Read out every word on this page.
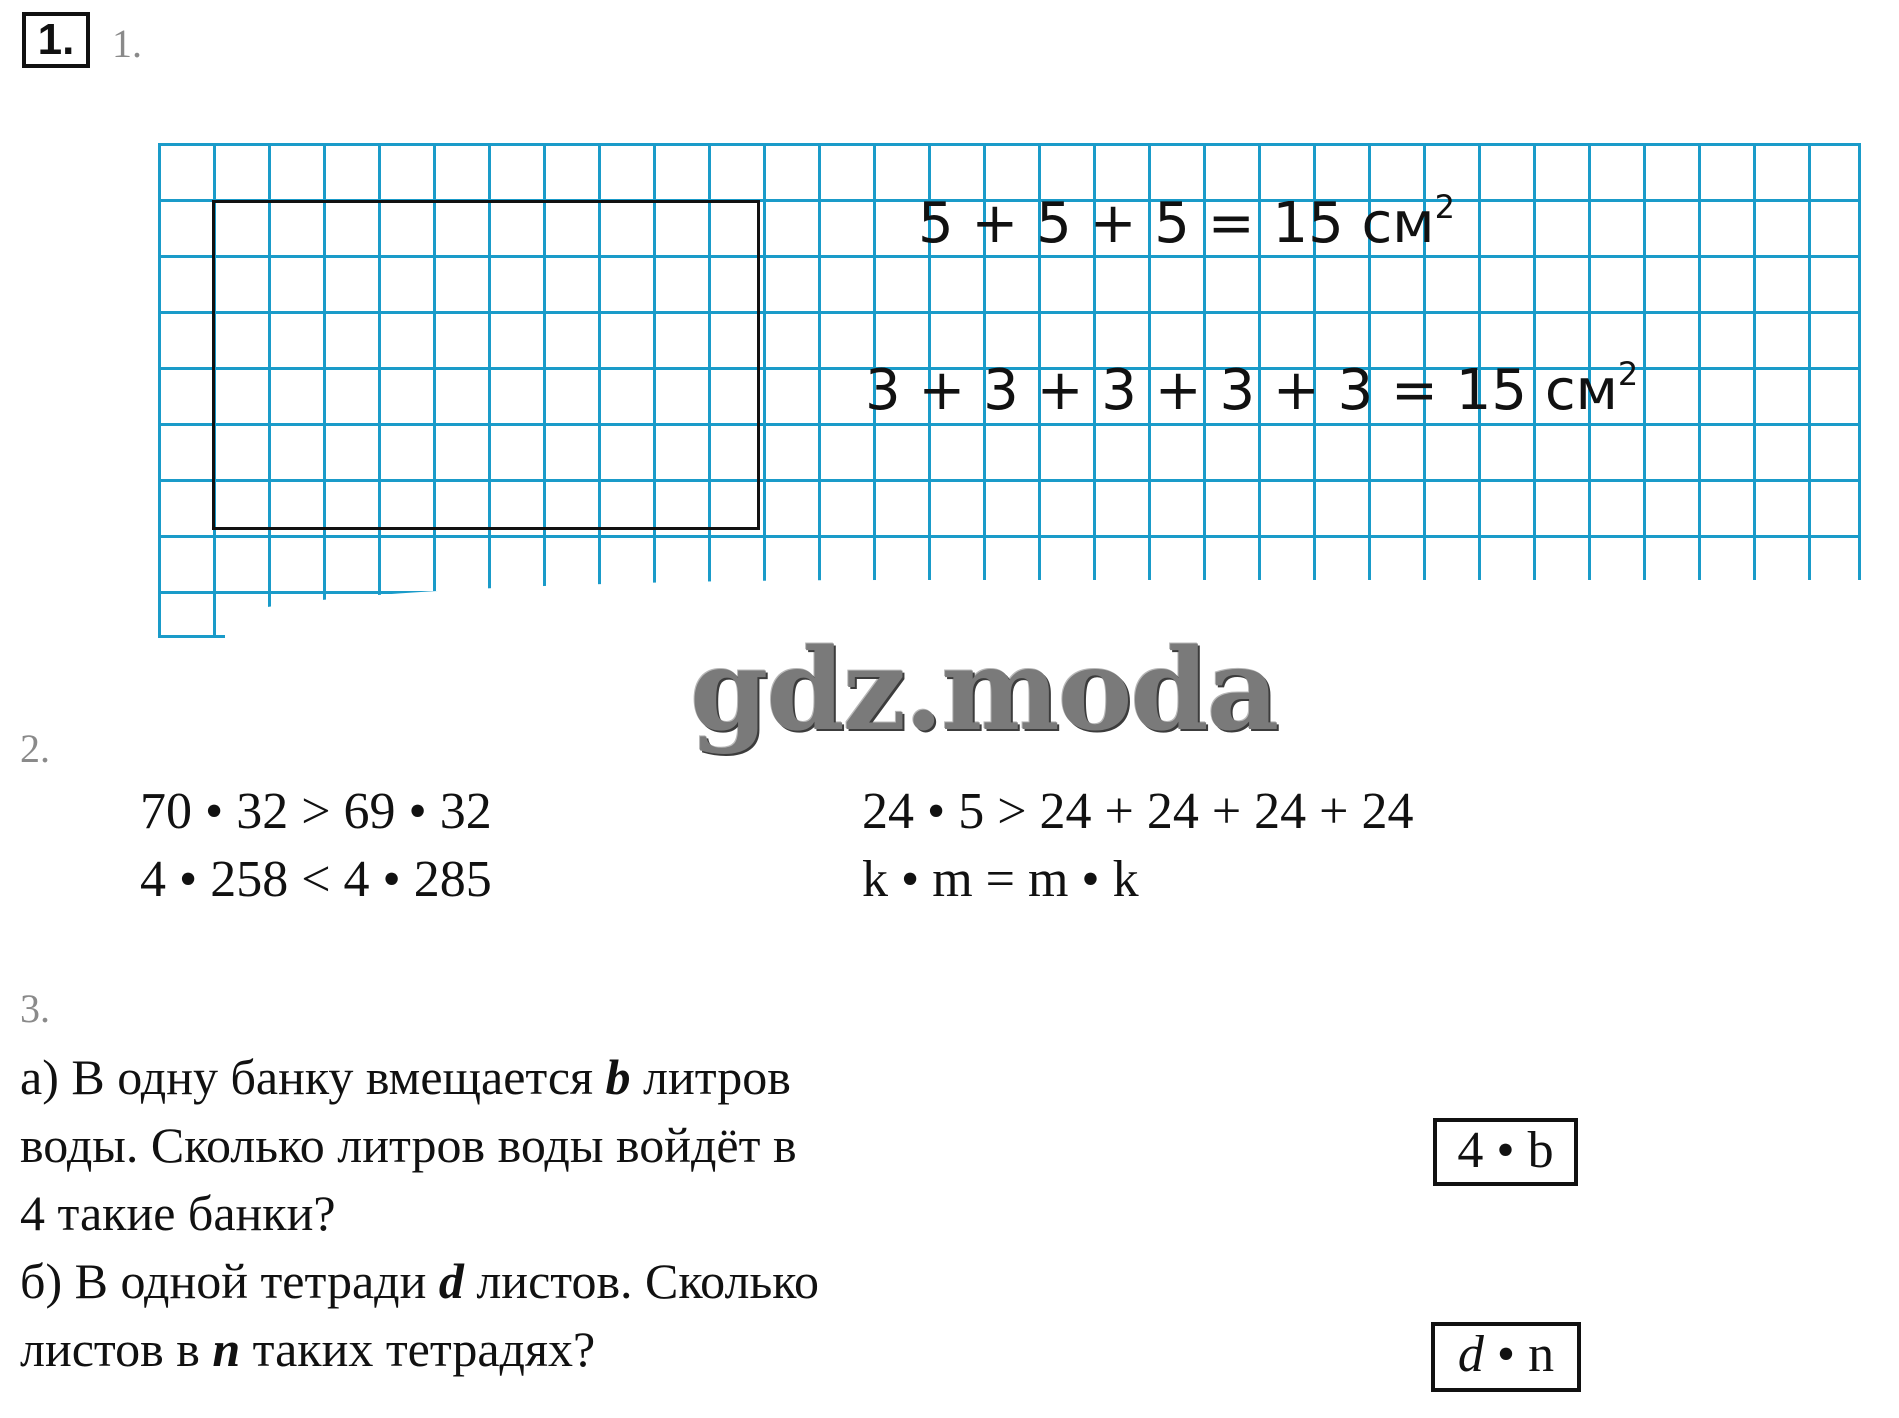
1. 1.
5 + 5 + 5 = 15 $см^2$
3 + 3 + 3 + 3 + 3 = 15 $см^2$
gdz.moda
2.
70 • 32 > 69 • 32
4 • 258 < 4 • 285
24 • 5 > 24 + 24 + 24 + 24
k • m = m • k
3.
а) В одну банку вмещается b литров
воды. Сколько литров воды войдёт в
4 такие банки?
б) В одной тетради d листов. Сколько
листов в n таких тетрадях?
4 • b
d • n
